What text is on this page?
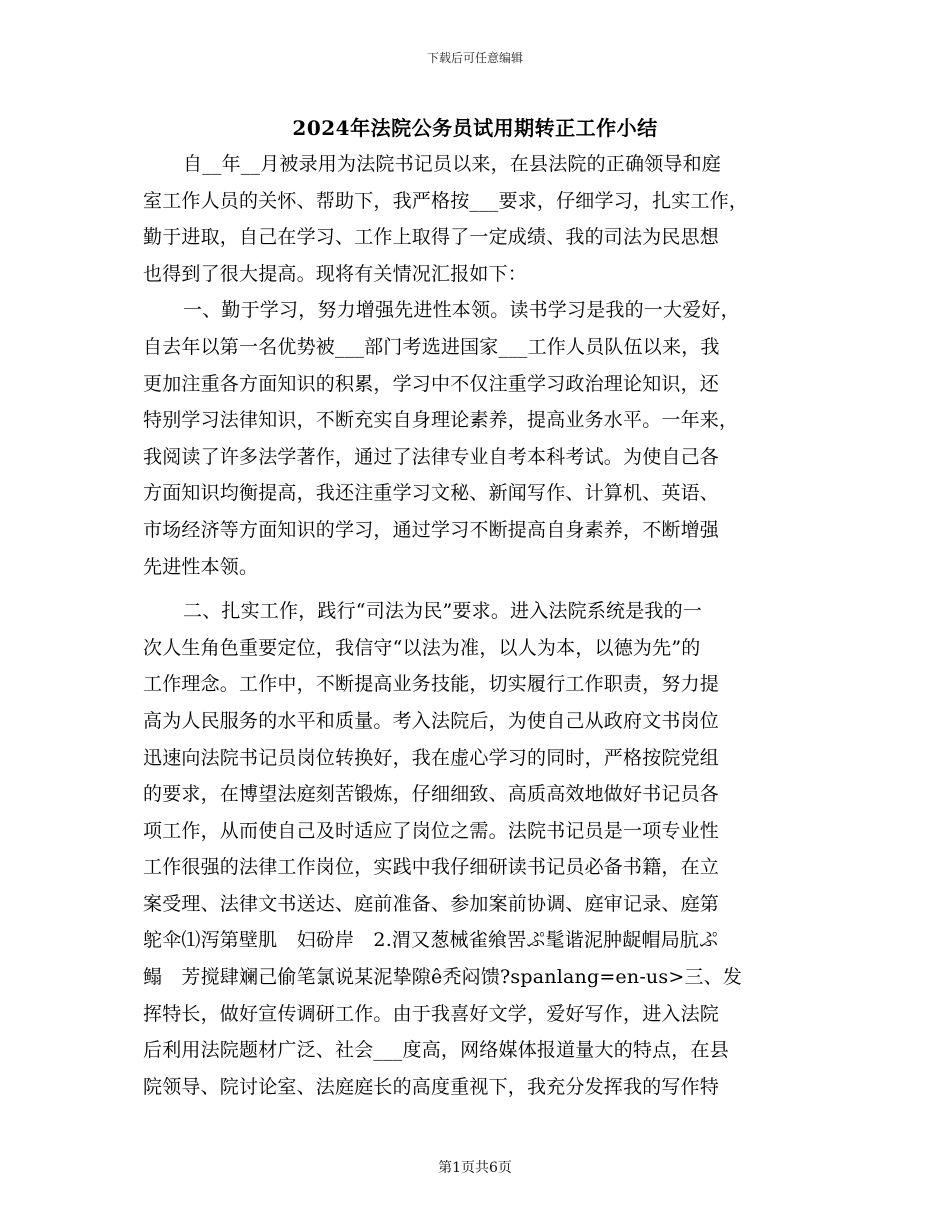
下载后可任意编辑
2024年法院公务员试用期转正工作小结
自__年__月被录用为法院书记员以来，在县法院的正确领导和庭
室工作人员的关怀、帮助下，我严格按___要求，仔细学习，扎实工作，
勤于进取，自己在学习、工作上取得了一定成绩、我的司法为民思想
也得到了很大提高。现将有关情况汇报如下：
一、勤于学习，努力增强先进性本领。读书学习是我的一大爱好，
自去年以第一名优势被___部门考选进国家___工作人员队伍以来，我
更加注重各方面知识的积累，学习中不仅注重学习政治理论知识，还
特别学习法律知识，不断充实自身理论素养，提高业务水平。一年来，
我阅读了许多法学著作，通过了法律专业自考本科考试。为使自己各
方面知识均衡提高，我还注重学习文秘、新闻写作、计算机、英语、
市场经济等方面知识的学习，通过学习不断提高自身素养，不断增强
先进性本领。
二、扎实工作，践行“司法为民”要求。进入法院系统是我的一
次人生角色重要定位，我信守“以法为准，以人为本，以德为先”的
工作理念。工作中，不断提高业务技能，切实履行工作职责，努力提
高为人民服务的水平和质量。考入法院后，为使自己从政府文书岗位
迅速向法院书记员岗位转换好，我在虚心学习的同时，严格按院党组
的要求，在博望法庭刻苦锻炼，仔细细致、高质高效地做好书记员各
项工作，从而使自己及时适应了岗位之需。法院书记员是一项专业性
工作很强的法律工作岗位，实践中我仔细研读书记员必备书籍，在立
案受理、法律文书送达、庭前准备、参加案前协调、庭审记录、庭第
鸵伞⑴泻第壁肌　妇砏岸　2.渭又葱械雀飨罟ぷ髦谐泥肿龊帽局肮ぷ
鳎　芳搅肆斓己偷笔氯说某泥挚隙ê秃闷馈?spanlang=en-us>三、发
挥特长，做好宣传调研工作。由于我喜好文学，爱好写作，进入法院
后利用法院题材广泛、社会___度高，网络媒体报道量大的特点，在县
院领导、院讨论室、法庭庭长的高度重视下，我充分发挥我的写作特
第1页共6页
